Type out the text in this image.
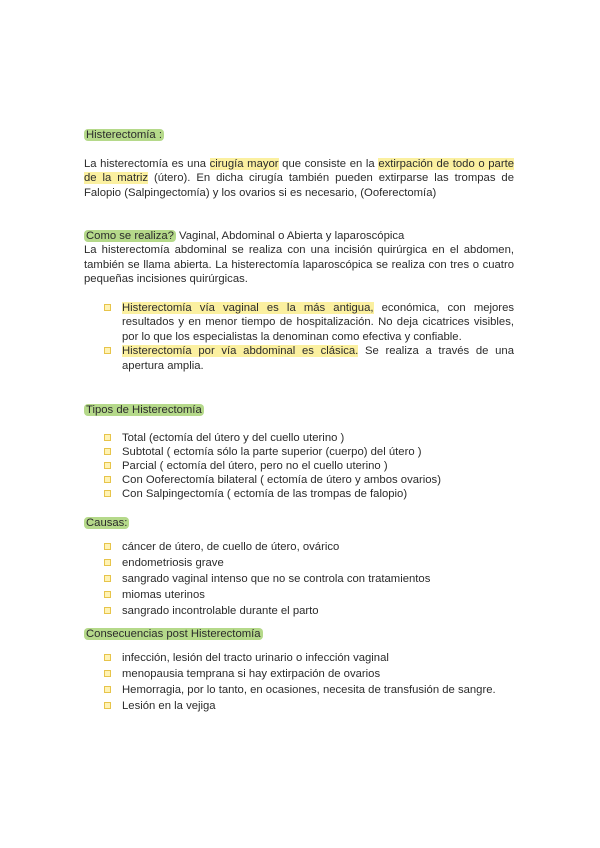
Histerectomía :

La histerectomía es una cirugía mayor que consiste en la extirpación de todo o parte de la matriz (útero). En dicha cirugía también pueden extirparse las trompas de Falopio (Salpingectomía) y los ovarios si es necesario, (Ooferectomía)

Como se realiza? Vaginal, Abdominal o Abierta y laparoscópica

La histerectomía abdominal se realiza con una incisión quirúrgica en el abdomen, también se llama abierta. La histerectomía laparoscópica se realiza con tres o cuatro pequeñas incisiones quirúrgicas.

Histerectomía vía vaginal es la más antigua, económica, con mejores resultados y en menor tiempo de hospitalización. No deja cicatrices visibles, por lo que los especialistas la denominan como efectiva y confiable.
Histerectomía por vía abdominal es clásica. Se realiza a través de una apertura amplia.

Tipos de Histerectomía

Total (ectomía del útero y del cuello uterino )
Subtotal ( ectomía sólo la parte superior (cuerpo) del útero )
Parcial ( ectomía del útero, pero no el cuello uterino )
Con Ooferectomía bilateral ( ectomía de útero y ambos ovarios)
Con Salpingectomía ( ectomía de las trompas de falopio)

Causas:

cáncer de útero, de cuello de útero, ovárico
endometriosis grave
sangrado vaginal intenso que no se controla con tratamientos
miomas uterinos
sangrado incontrolable durante el parto

Consecuencias post Histerectomía

infección, lesión del tracto urinario o infección vaginal
menopausia temprana si hay extirpación de ovarios
Hemorragia, por lo tanto, en ocasiones, necesita de transfusión de sangre.
Lesión en la vejiga
